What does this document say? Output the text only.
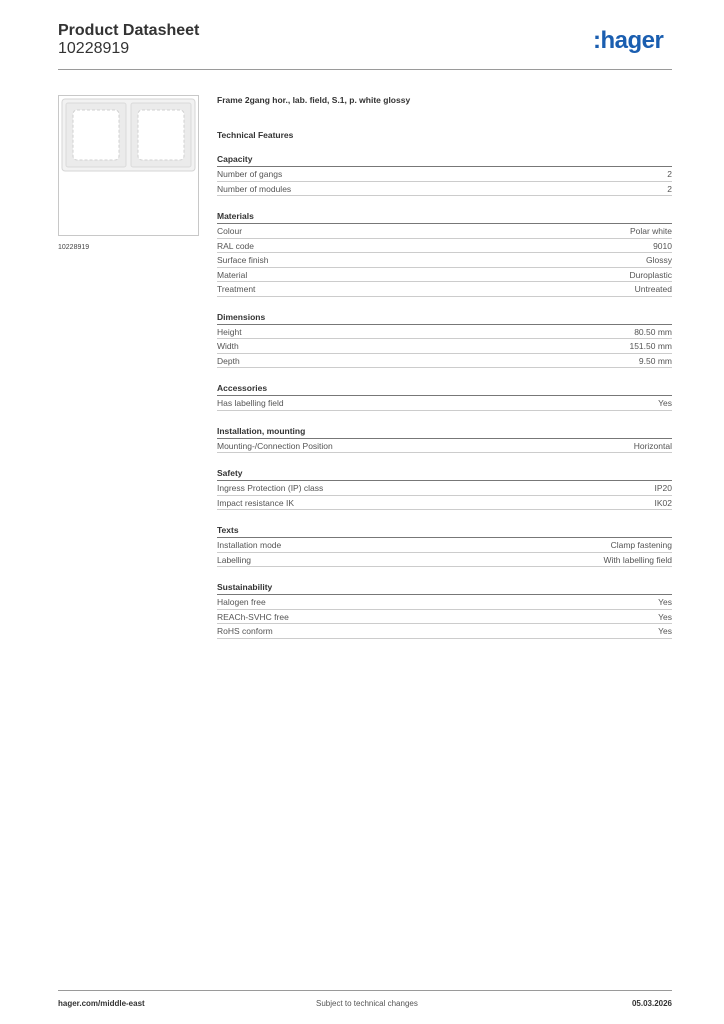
Product Datasheet
10228919	:hager
10228919
Frame 2gang hor., lab. field, S.1, p. white glossy
Technical Features
Capacity
Number of gangs	2
Number of modules	2
Materials
Colour	Polar white
RAL code	9010
Surface finish	Glossy
Material	Duroplastic
Treatment	Untreated
Dimensions
Height	80.50 mm
Width	151.50 mm
Depth	9.50 mm
Accessories
Has labelling field	Yes
Installation, mounting
Mounting-/Connection Position	Horizontal
Safety
Ingress Protection (IP) class	IP20
Impact resistance IK	IK02
Texts
Installation mode	Clamp fastening
Labelling	With labelling field
Sustainability
Halogen free	Yes
REACh-SVHC free	Yes
RoHS conform	Yes
hager.com/middle-east	Subject to technical changes	05.03.2026
